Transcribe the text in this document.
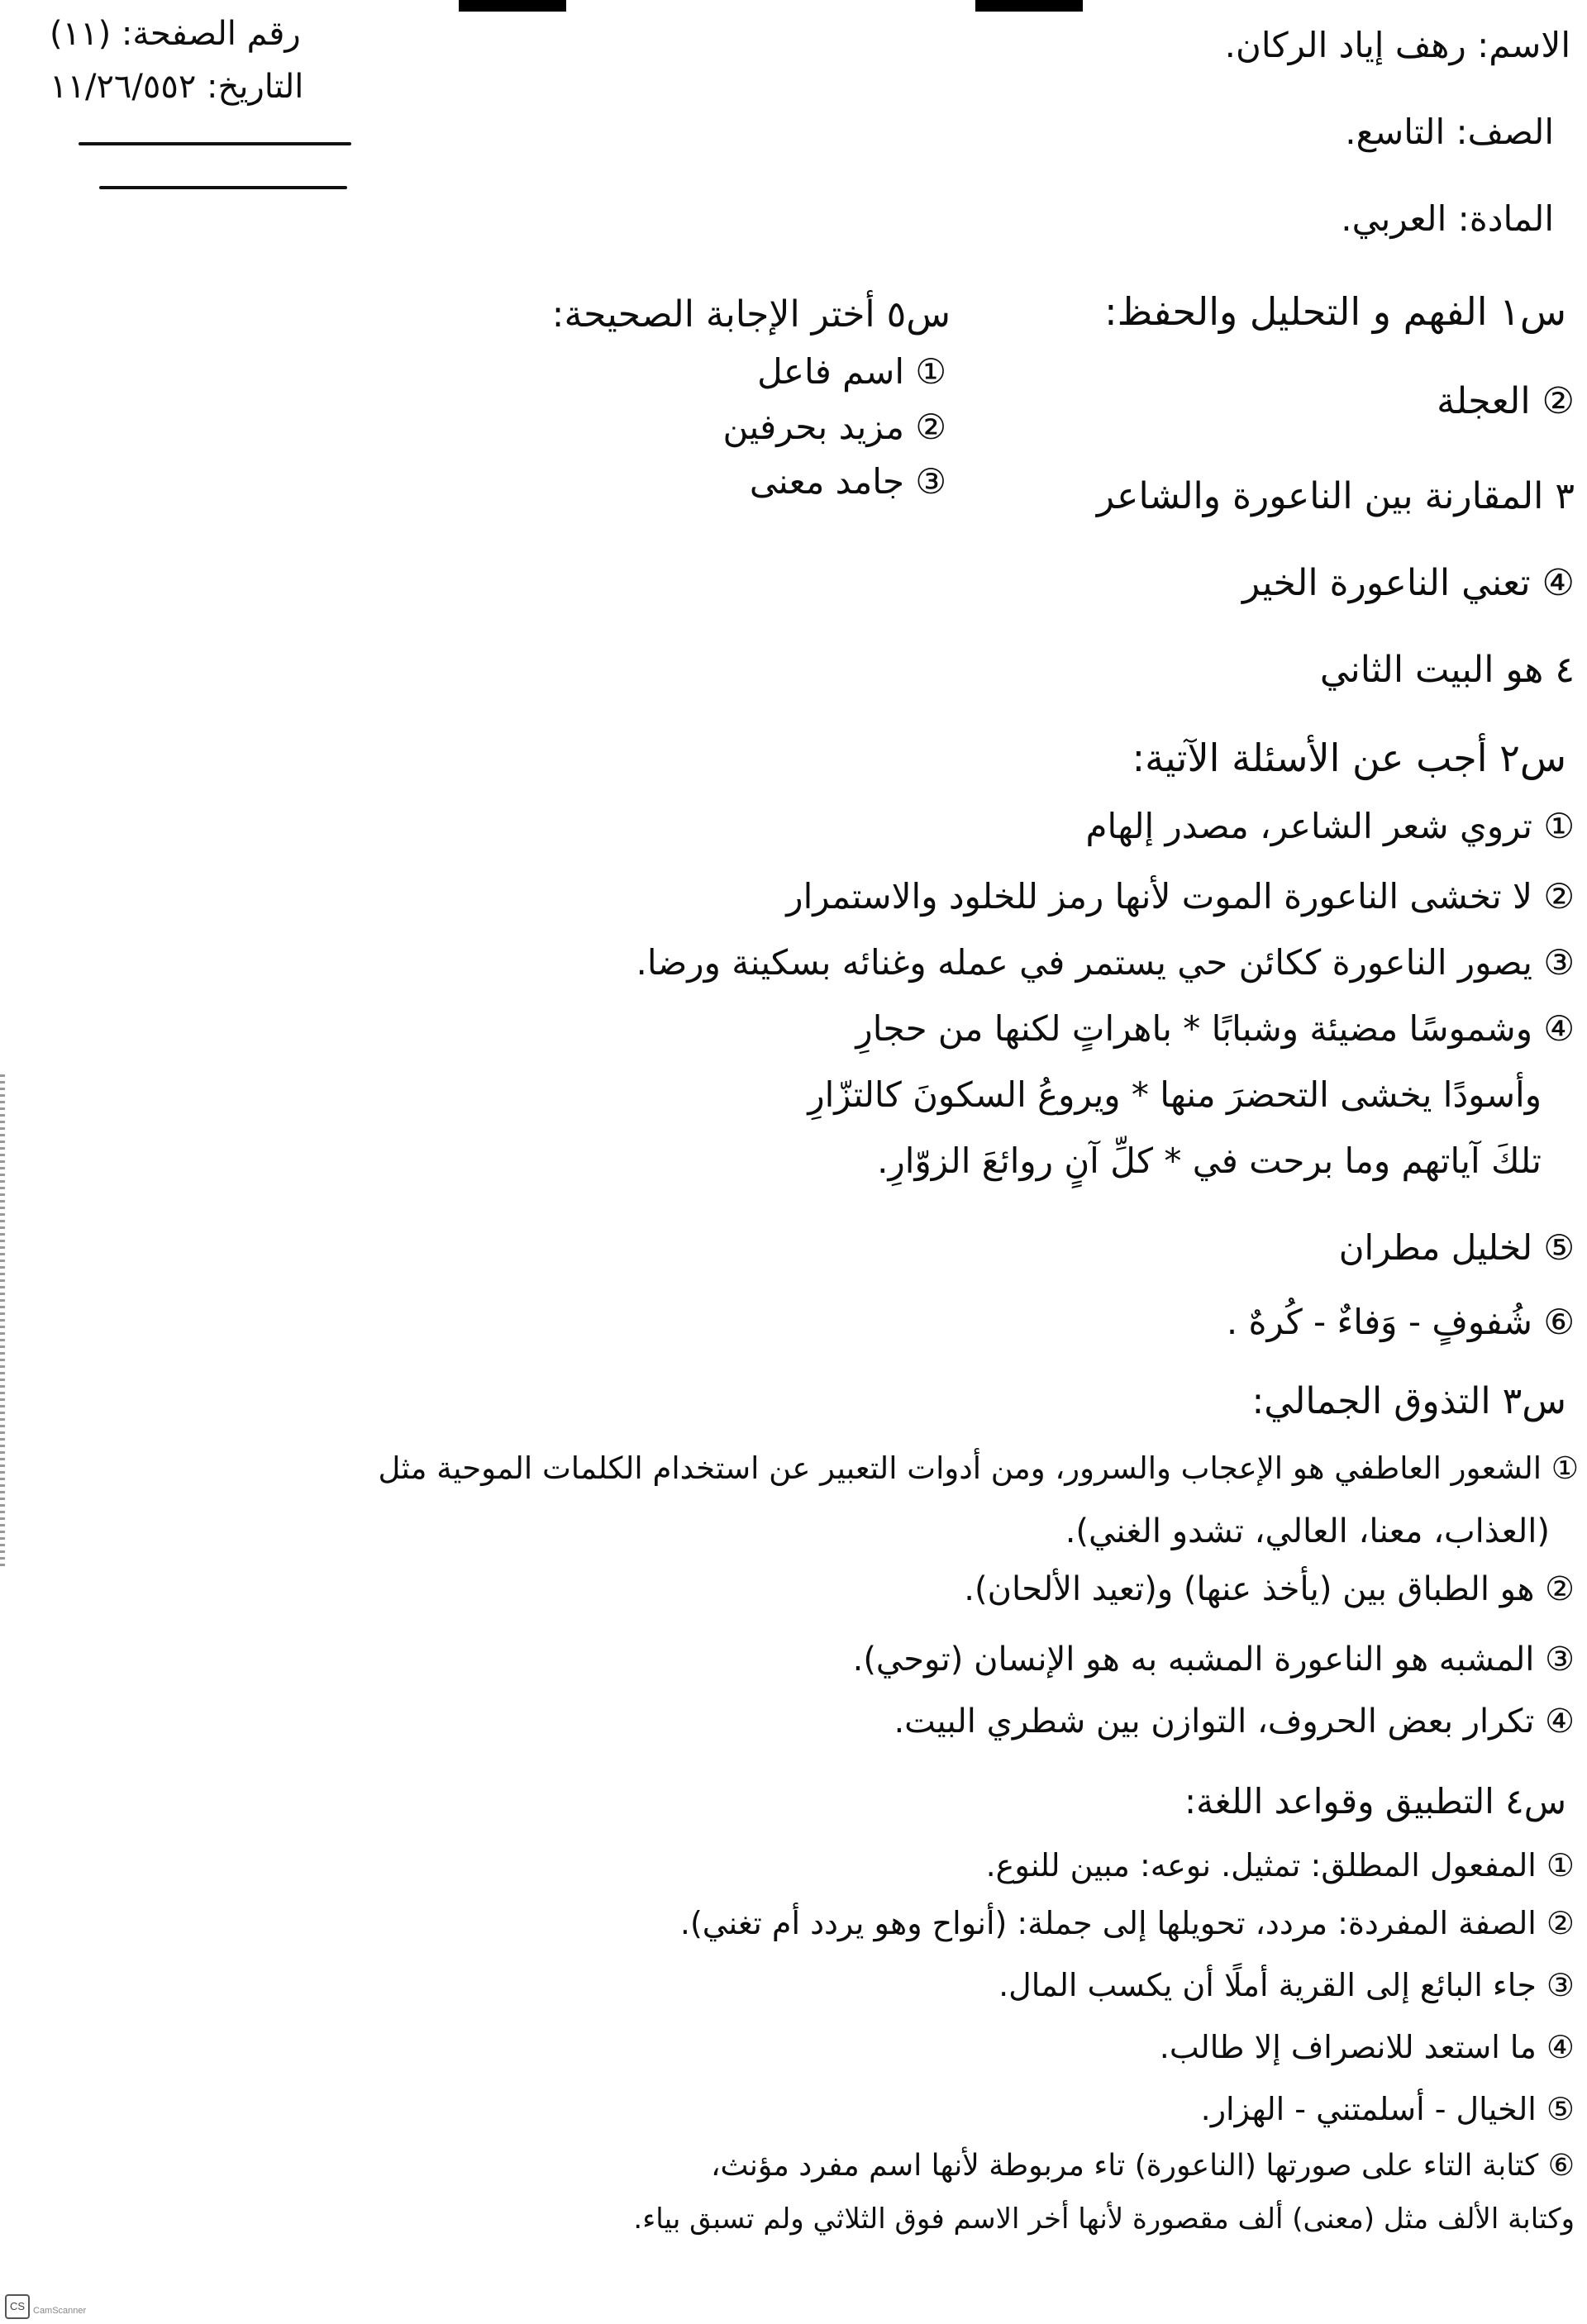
رقم الصفحة: (١١)
التاريخ: ١١/٢٦/٥٥٢
الاسم: رهف إياد الركان.
الصف: التاسع.
المادة: العربي.
س١ الفهم و التحليل والحفظ:
② العجلة
٣ المقارنة بين الناعورة والشاعر
④ تعني الناعورة الخير
٤ هو البيت الثاني
س٥ أختر الإجابة الصحيحة:
① اسم فاعل
② مزيد بحرفين
③ جامد معنى
س٢ أجب عن الأسئلة الآتية:
① تروي شعر الشاعر، مصدر إلهام
② لا تخشى الناعورة الموت لأنها رمز للخلود والاستمرار
③ يصور الناعورة ككائن حي يستمر في عمله وغنائه بسكينة ورضا.
④ وشموسًا مضيئة وشبابًا * باهراتٍ لكنها من حجارِ
وأسودًا يخشى التحضرَ منها * ويروعُ السكونَ كالتزّارِ
تلكَ آياتهم وما برحت في * كلِّ آنٍ روائعَ الزوّارِ.
⑤ لخليل مطران
⑥ شُفوفٍ - وَفاءٌ - كُرهٌ .
س٣ التذوق الجمالي:
① الشعور العاطفي هو الإعجاب والسرور، ومن أدوات التعبير عن استخدام الكلمات الموحية مثل
(العذاب، معنا، العالي، تشدو الغني).
② هو الطباق بين (يأخذ عنها) و(تعيد الألحان).
③ المشبه هو الناعورة المشبه به هو الإنسان (توحي).
④ تكرار بعض الحروف، التوازن بين شطري البيت.
س٤ التطبيق وقواعد اللغة:
① المفعول المطلق: تمثيل. نوعه: مبين للنوع.
② الصفة المفردة: مردد، تحويلها إلى جملة: (أنواح وهو يردد أم تغني).
③ جاء البائع إلى القرية أملًا أن يكسب المال.
④ ما استعد للانصراف إلا طالب.
⑤ الخيال - أسلمتني - الهزار.
⑥ كتابة التاء على صورتها (الناعورة) تاء مربوطة لأنها اسم مفرد مؤنث،
وكتابة الألف مثل (معنى) ألف مقصورة لأنها أخر الاسم فوق الثلاثي ولم تسبق بياء.
CS CamScanner
